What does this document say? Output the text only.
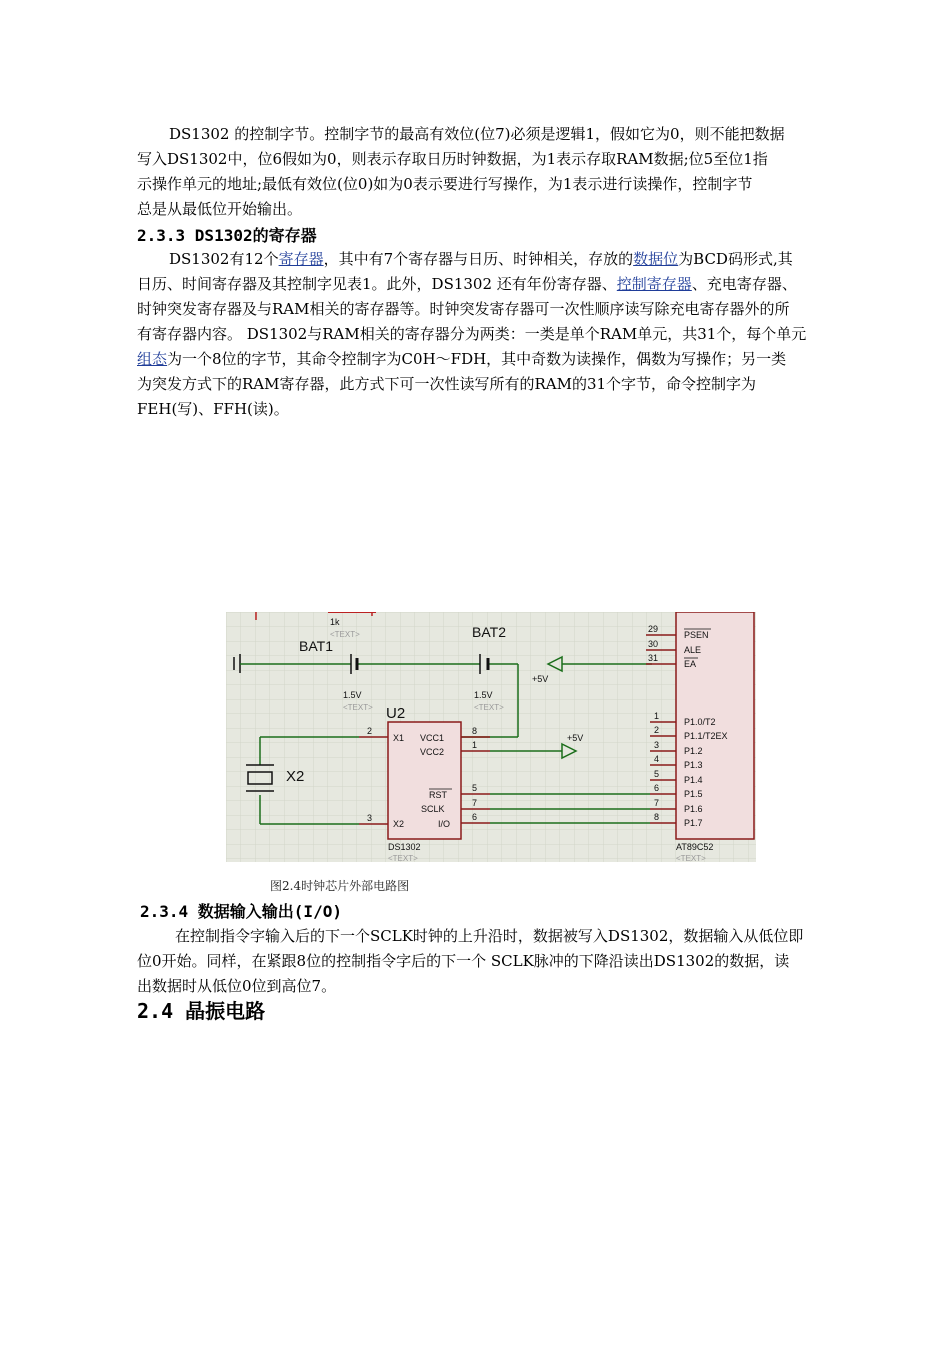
DS1302 的控制字节。控制字节的最高有效位(位7)必须是逻辑1，假如它为0，则不能把数据
写入DS1302中，位6假如为0，则表示存取日历时钟数据，为1表示存取RAM数据;位5至位1指
示操作单元的地址;最低有效位(位0)如为0表示要进行写操作，为1表示进行读操作，控制字节
总是从最低位开始输出。

2.3.3 DS1302的寄存器

DS1302有12个寄存器，其中有7个寄存器与日历、时钟相关，存放的数据位为BCD码形式,其
日历、时间寄存器及其控制字见表1。此外，DS1302 还有年份寄存器、控制寄存器、充电寄存器、
时钟突发寄存器及与RAM相关的寄存器等。时钟突发寄存器可一次性顺序读写除充电寄存器外的所
有寄存器内容。 DS1302与RAM相关的寄存器分为两类：一类是单个RAM单元，共31个，每个单元
组态为一个8位的字节，其命令控制字为C0H～FDH，其中奇数为读操作，偶数为写操作；另一类
为突发方式下的RAM寄存器，此方式下可一次性读写所有的RAM的31个字节，命令控制字为
FEH(写)、FFH(读)。

1k
<TEXT>
BAT1
1.5V
<TEXT>
BAT2
1.5V
<TEXT>
+5V
U2
X1
X2
VCC1
VCC2
RST
SCLK
I/O
DS1302
<TEXT>
2
3
X2
8
1
5
7
6
+5V
AT89C52
<TEXT>
29
PSEN
30
ALE
31
EA
1
P1.0/T2
2
P1.1/T2EX
3
P1.2
4
P1.3
5
P1.4
6
P1.5
7
P1.6
8
P1.7
图2.4时钟芯片外部电路图
2.3.4 数据输入输出(I/O)

在控制指令字输入后的下一个SCLK时钟的上升沿时，数据被写入DS1302，数据输入从低位即
位0开始。同样，在紧跟8位的控制指令字后的下一个 SCLK脉冲的下降沿读出DS1302的数据，读
出数据时从低位0位到高位7。

2.4 晶振电路
